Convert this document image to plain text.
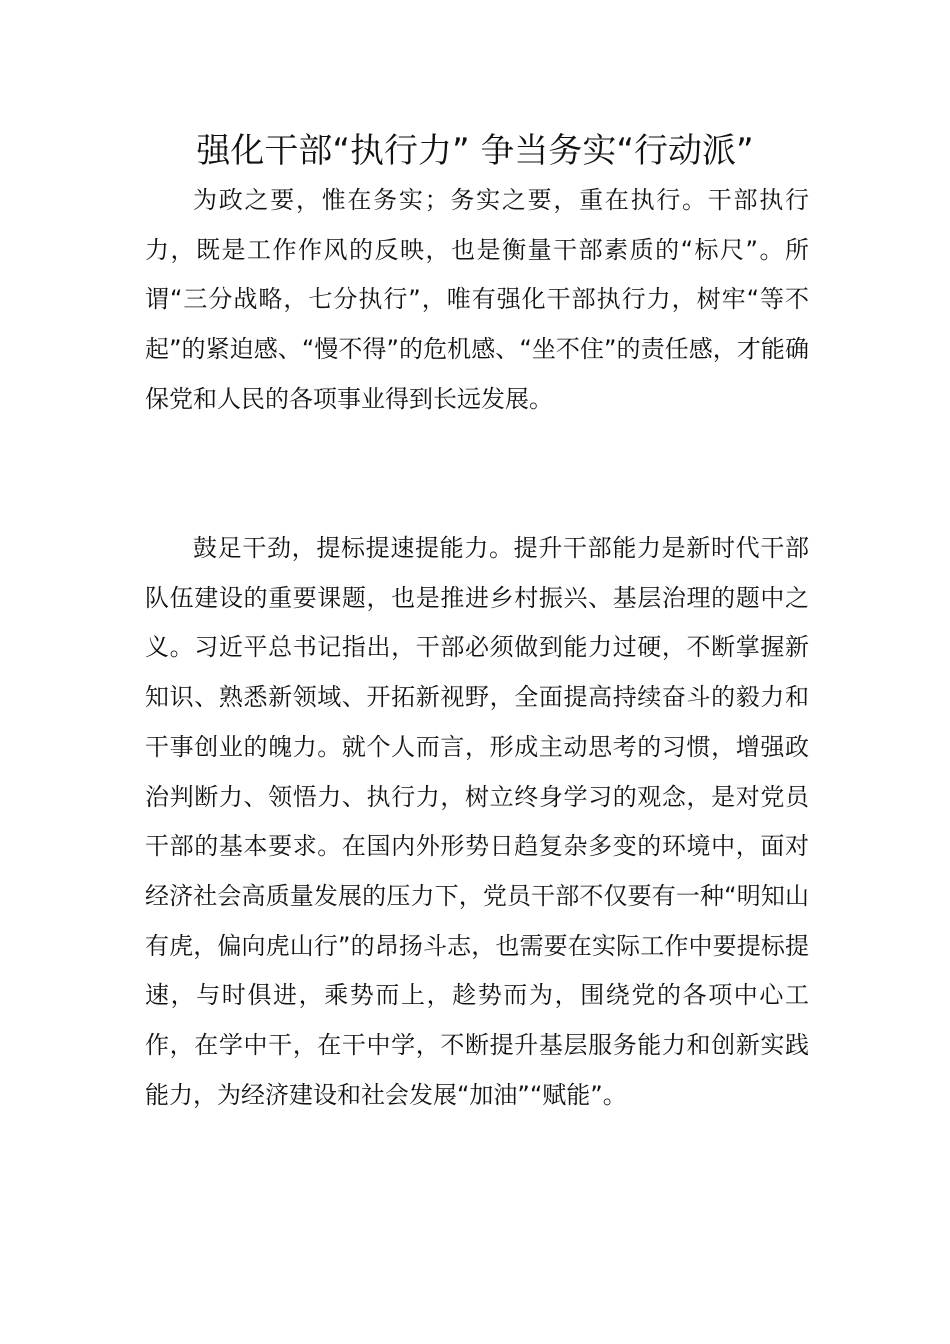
强化干部“执行力” 争当务实“行动派”

为政之要，惟在务实；务实之要，重在执行。干部执行力，既是工作作风的反映，也是衡量干部素质的“标尺”。所谓“三分战略，七分执行”，唯有强化干部执行力，树牢“等不起”的紧迫感、“慢不得”的危机感、“坐不住”的责任感，才能确保党和人民的各项事业得到长远发展。

鼓足干劲，提标提速提能力。提升干部能力是新时代干部队伍建设的重要课题，也是推进乡村振兴、基层治理的题中之义。习近平总书记指出，干部必须做到能力过硬，不断掌握新知识、熟悉新领域、开拓新视野，全面提高持续奋斗的毅力和干事创业的魄力。就个人而言，形成主动思考的习惯，增强政治判断力、领悟力、执行力，树立终身学习的观念，是对党员干部的基本要求。在国内外形势日趋复杂多变的环境中，面对经济社会高质量发展的压力下，党员干部不仅要有一种“明知山有虎，偏向虎山行”的昂扬斗志，也需要在实际工作中要提标提速，与时俱进，乘势而上，趁势而为，围绕党的各项中心工作，在学中干，在干中学，不断提升基层服务能力和创新实践能力，为经济建设和社会发展“加油”“赋能”。
